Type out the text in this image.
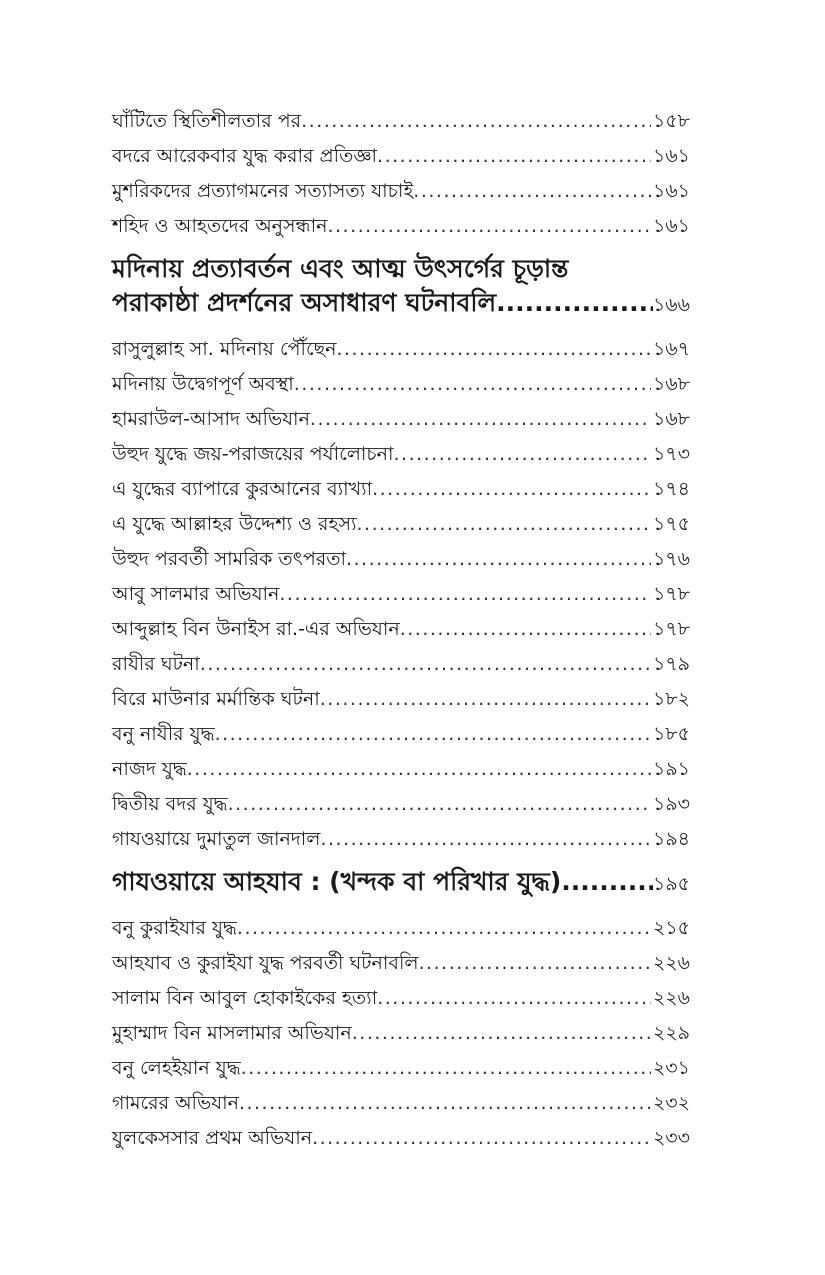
ঘাঁটিতে স্থিতিশীলতার পর .....	১৫৮
বদরে আরেকবার যুদ্ধ করার প্রতিজ্ঞা .....	১৬১
মুশরিকদের প্রত্যাগমনের সত্যাসত্য যাচাই .....	১৬১
শহিদ ও আহতদের অনুসন্ধান .....	১৬১
মদিনায় প্রত্যাবর্তন এবং আত্ম উৎসর্গের চূড়ান্ত
পরাকাষ্ঠা প্রদর্শনের অসাধারণ ঘটনাবলি .....	১৬৬
রাসুলুল্লাহ সা. মদিনায় পৌঁছেন .....	১৬৭
মদিনায় উদ্বেগপূর্ণ অবস্থা .....	১৬৮
হামরাউল-আসাদ অভিযান .....	১৬৮
উহুদ যুদ্ধে জয়-পরাজয়ের পর্যালোচনা .....	১৭৩
এ যুদ্ধের ব্যাপারে কুরআনের ব্যাখ্যা .....	১৭৪
এ যুদ্ধে আল্লাহর উদ্দেশ্য ও রহস্য .....	১৭৫
উহুদ পরবর্তী সামরিক তৎপরতা .....	১৭৬
আবু সালমার অভিযান .....	১৭৮
আব্দুল্লাহ বিন উনাইস রা.-এর অভিযান .....	১৭৮
রাযীর ঘটনা .....	১৭৯
বিরে মাউনার মর্মান্তিক ঘটনা .....	১৮২
বনু নাযীর যুদ্ধ .....	১৮৫
নাজদ যুদ্ধ .....	১৯১
দ্বিতীয় বদর যুদ্ধ .....	১৯৩
গাযওয়ায়ে দুমাতুল জানদাল .....	১৯৪
গাযওয়ায়ে আহযাব : (খন্দক বা পরিখার যুদ্ধ) .....	১৯৫
বনু কুরাইযার যুদ্ধ .....	২১৫
আহযাব ও কুরাইযা যুদ্ধ পরবর্তী ঘটনাবলি .....	২২৬
সালাম বিন আবুল হোকাইকের হত্যা .....	২২৬
মুহাম্মাদ বিন মাসলামার অভিযান .....	২২৯
বনু লেহইয়ান যুদ্ধ .....	২৩১
গামরের অভিযান .....	২৩২
যুলকেসসার প্রথম অভিযান .....	২৩৩
